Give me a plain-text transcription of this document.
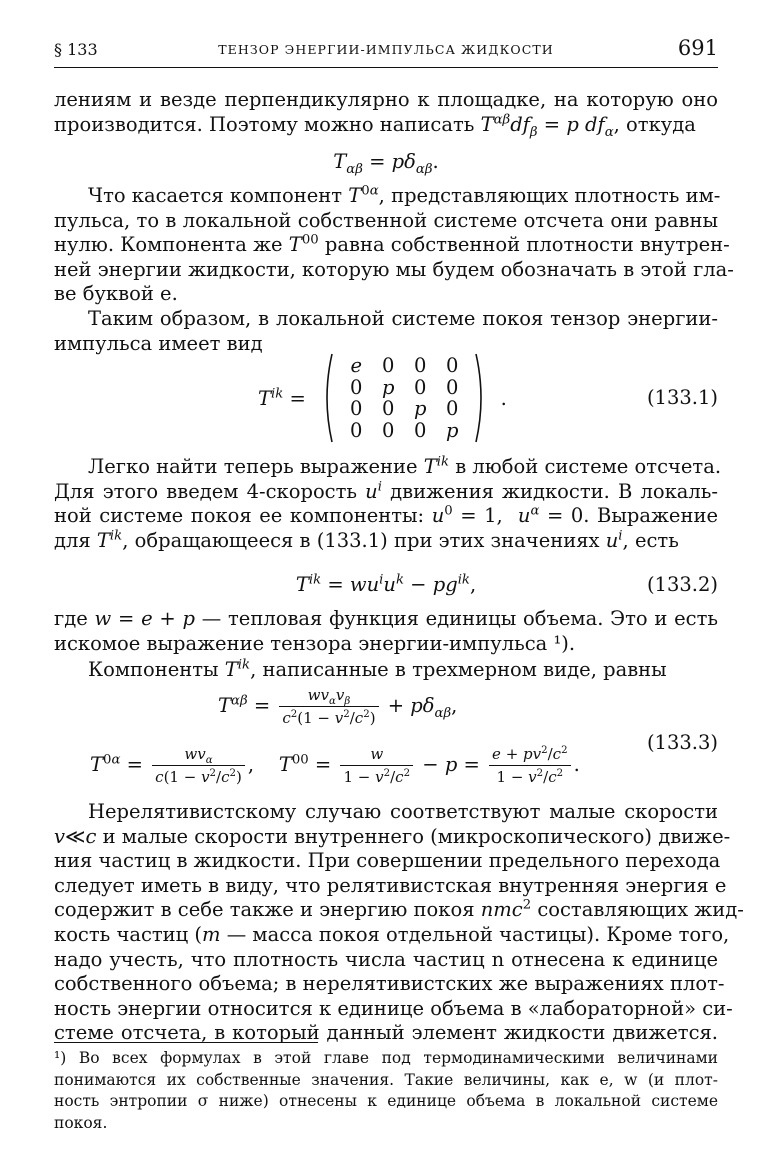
§ 133	ТЕНЗОР ЭНЕРГИИ-ИМПУЛЬСА ЖИДКОСТИ	691
лениям и везде перпендикулярно к площадке, на которую оно
производится. Поэтому можно написать $T^{\alpha\beta}df_\beta = p$ $df_\alpha$, откуда
$T_{\alpha\beta} = p\delta_{\alpha\beta}$.
Что касается компонент $T^{0\alpha}$, представляющих плотность им-
пульса, то в локальной собственной системе отсчета они равны
нулю. Компонента же $T^{00}$ равна собственной плотности внутрен-
ней энергии жидкости, которую мы будем обозначать в этой гла-
ве буквой e.
Таким образом, в локальной системе покоя тензор энергии-
импульса имеет вид
$T^{ik}$ =
e	0	0	0
0	p	0	0
0	0	p	0
0	0	0	p
.	(133.1)
Легко найти теперь выражение $T^{ik}$ в любой системе отсчета.
Для этого введем 4-скорость $u^i$ движения жидкости. В локаль-
ной системе покоя ее компоненты: $u^0 = 1$,  $u^\alpha = 0$. Выражение
для $T^{ik}$, обращающееся в (133.1) при этих значениях $u^i$, есть
$T^{ik} = wu^iu^k - pg^{ik}$,	(133.2)
где w = e + p — тепловая функция единицы объема. Это и есть
искомое выражение тензора энергии-импульса ¹).
Компоненты $T^{ik}$, написанные в трехмерном виде, равны
$T^{\alpha\beta} = \frac{wv_\alpha v_\beta}{c^2(1 - v^2/c^2)} + p\delta_{\alpha\beta}$,
$T^{0\alpha} = \frac{wv_\alpha}{c(1 - v^2/c^2)}$ ,    $T^{00} = \frac{w}{1 - v^2/c^2} - p = \frac{e + pv^2/c^2}{1 - v^2/c^2}$ .
(133.3)
Нерелятивистскому случаю соответствуют малые скорости
v≪c и малые скорости внутреннего (микроскопического) движе-
ния частиц в жидкости. При совершении предельного перехода
следует иметь в виду, что релятивистская внутренняя энергия e
содержит в себе также и энергию покоя nmc$^2$ составляющих жид-
кость частиц (m — масса покоя отдельной частицы). Кроме того,
надо учесть, что плотность числа частиц n отнесена к единице
собственного объема; в нерелятивистских же выражениях плот-
ность энергии относится к единице объема в «лабораторной» си-
стеме отсчета, в который данный элемент жидкости движется.
¹) Во всех формулах в этой главе под термодинамическими величинами
понимаются их собственные значения. Такие величины, как e, w (и плот-
ность энтропии σ ниже) отнесены к единице объема в локальной системе
покоя.
